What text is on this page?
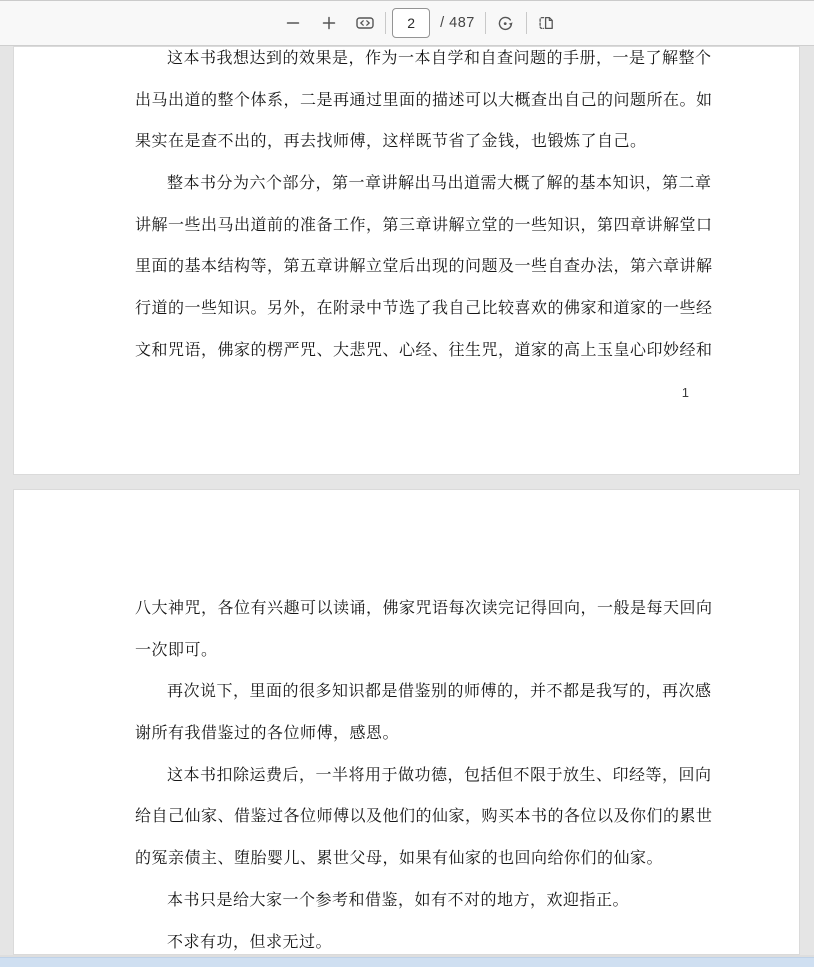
2
/ 487
这本书我想达到的效果是，作为一本自学和自查问题的手册，一是了解整个
出马出道的整个体系，二是再通过里面的描述可以大概查出自己的问题所在。如
果实在是查不出的，再去找师傅，这样既节省了金钱，也锻炼了自己。
整本书分为六个部分，第一章讲解出马出道需大概了解的基本知识，第二章
讲解一些出马出道前的准备工作，第三章讲解立堂的一些知识，第四章讲解堂口
里面的基本结构等，第五章讲解立堂后出现的问题及一些自查办法，第六章讲解
行道的一些知识。另外，在附录中节选了我自己比较喜欢的佛家和道家的一些经
文和咒语，佛家的楞严咒、大悲咒、心经、往生咒，道家的高上玉皇心印妙经和
1
八大神咒，各位有兴趣可以读诵，佛家咒语每次读完记得回向，一般是每天回向
一次即可。
再次说下，里面的很多知识都是借鉴别的师傅的，并不都是我写的，再次感
谢所有我借鉴过的各位师傅，感恩。
这本书扣除运费后，一半将用于做功德，包括但不限于放生、印经等，回向
给自己仙家、借鉴过各位师傅以及他们的仙家，购买本书的各位以及你们的累世
的冤亲债主、堕胎婴儿、累世父母，如果有仙家的也回向给你们的仙家。
本书只是给大家一个参考和借鉴，如有不对的地方，欢迎指正。
不求有功，但求无过。
